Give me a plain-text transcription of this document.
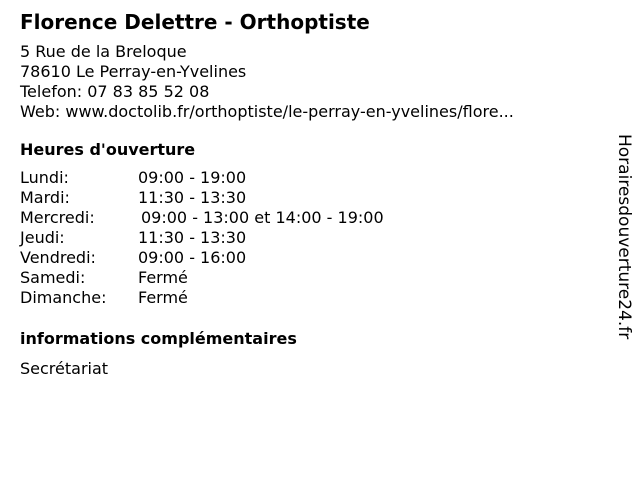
Florence Delettre - Orthoptiste
5 Rue de la Breloque
78610 Le Perray-en-Yvelines
Telefon: 07 83 85 52 08
Web: www.doctolib.fr/orthoptiste/le-perray-en-yvelines/flore...
Heures d'ouverture
Lundi:	09:00 - 19:00
Mardi:	11:30 - 13:30
Mercredi:	09:00 - 13:00 et 14:00 - 19:00
Jeudi:	11:30 - 13:30
Vendredi:	09:00 - 16:00
Samedi:	Fermé
Dimanche:	Fermé
informations complémentaires
Secrétariat
Horairesdouverture24.fr
